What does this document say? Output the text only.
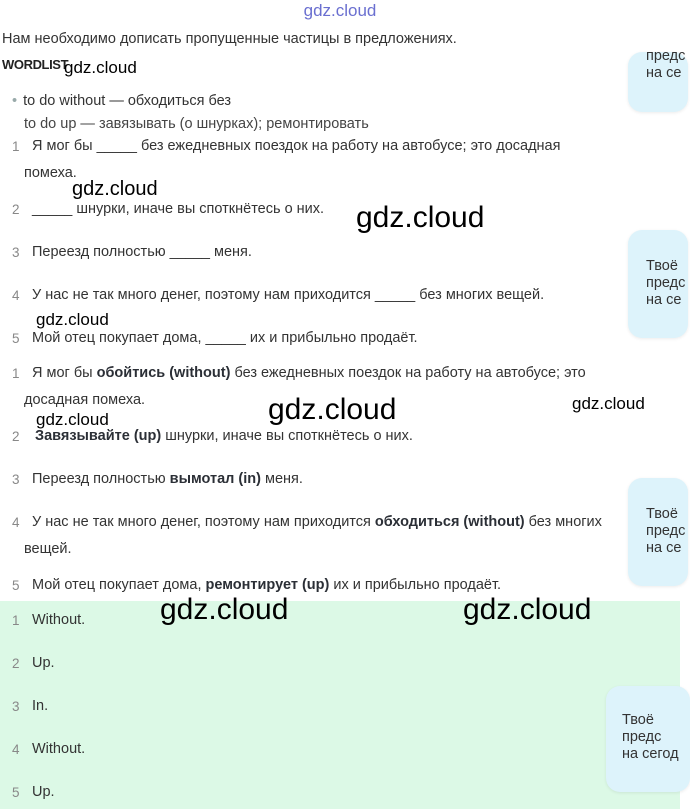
gdz.cloud
Нам необходимо дописать пропущенные частицы в предложениях.
WORDLIST
gdz.cloud
• to do without — обходиться без
to do up — завязывать (о шнурках); ремонтировать
1 Я мог бы _____ без ежедневных поездок на работу на автобусе; это досадная
помеха.
2 _____ шнурки, иначе вы споткнётесь о них.
3 Переезд полностью _____ меня.
4 У нас не так много денег, поэтому нам приходится _____ без многих вещей.
5 Мой отец покупает дома, _____ их и прибыльно продаёт.
1 Я мог бы обойтись (without) без ежедневных поездок на работу на автобусе; это
досадная помеха.
2	Завязывайте (up) шнурки, иначе вы споткнётесь о них.
3 Переезд полностью вымотал (in) меня.
4 У нас не так много денег, поэтому нам приходится обходиться (without) без многих
вещей.
5 Мой отец покупает дома, ремонтирует (up) их и прибыльно продаёт.
1 Without.
2 Up.
3 In.
4 Without.
5 Up.
предс
на се
Твоё
предс
на се
Твоё
предс
на се
Твоё
предс
на сегод
gdz.cloud
gdz.cloud
gdz.cloud
gdz.cloud	gdz.cloud
gdz.cloud
gdz.cloud	gdz.cloud
